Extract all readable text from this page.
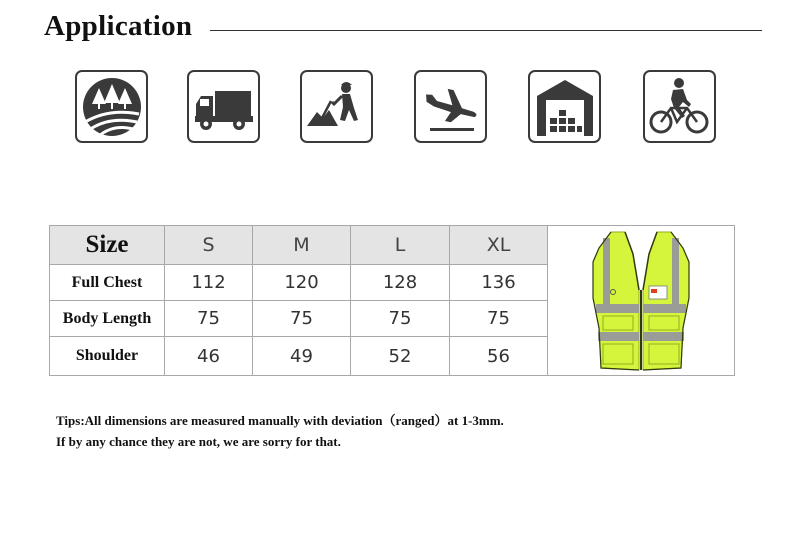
Application
Size	S	M	L	XL	

Full Chest	112	120	128	136	
Body Length	75	75	75	75	
Shoulder	46	49	52	56	
Tips:All dimensions are measured manually with deviation（ranged）at 1-3mm.
If by any chance they are not, we are sorry for that.
